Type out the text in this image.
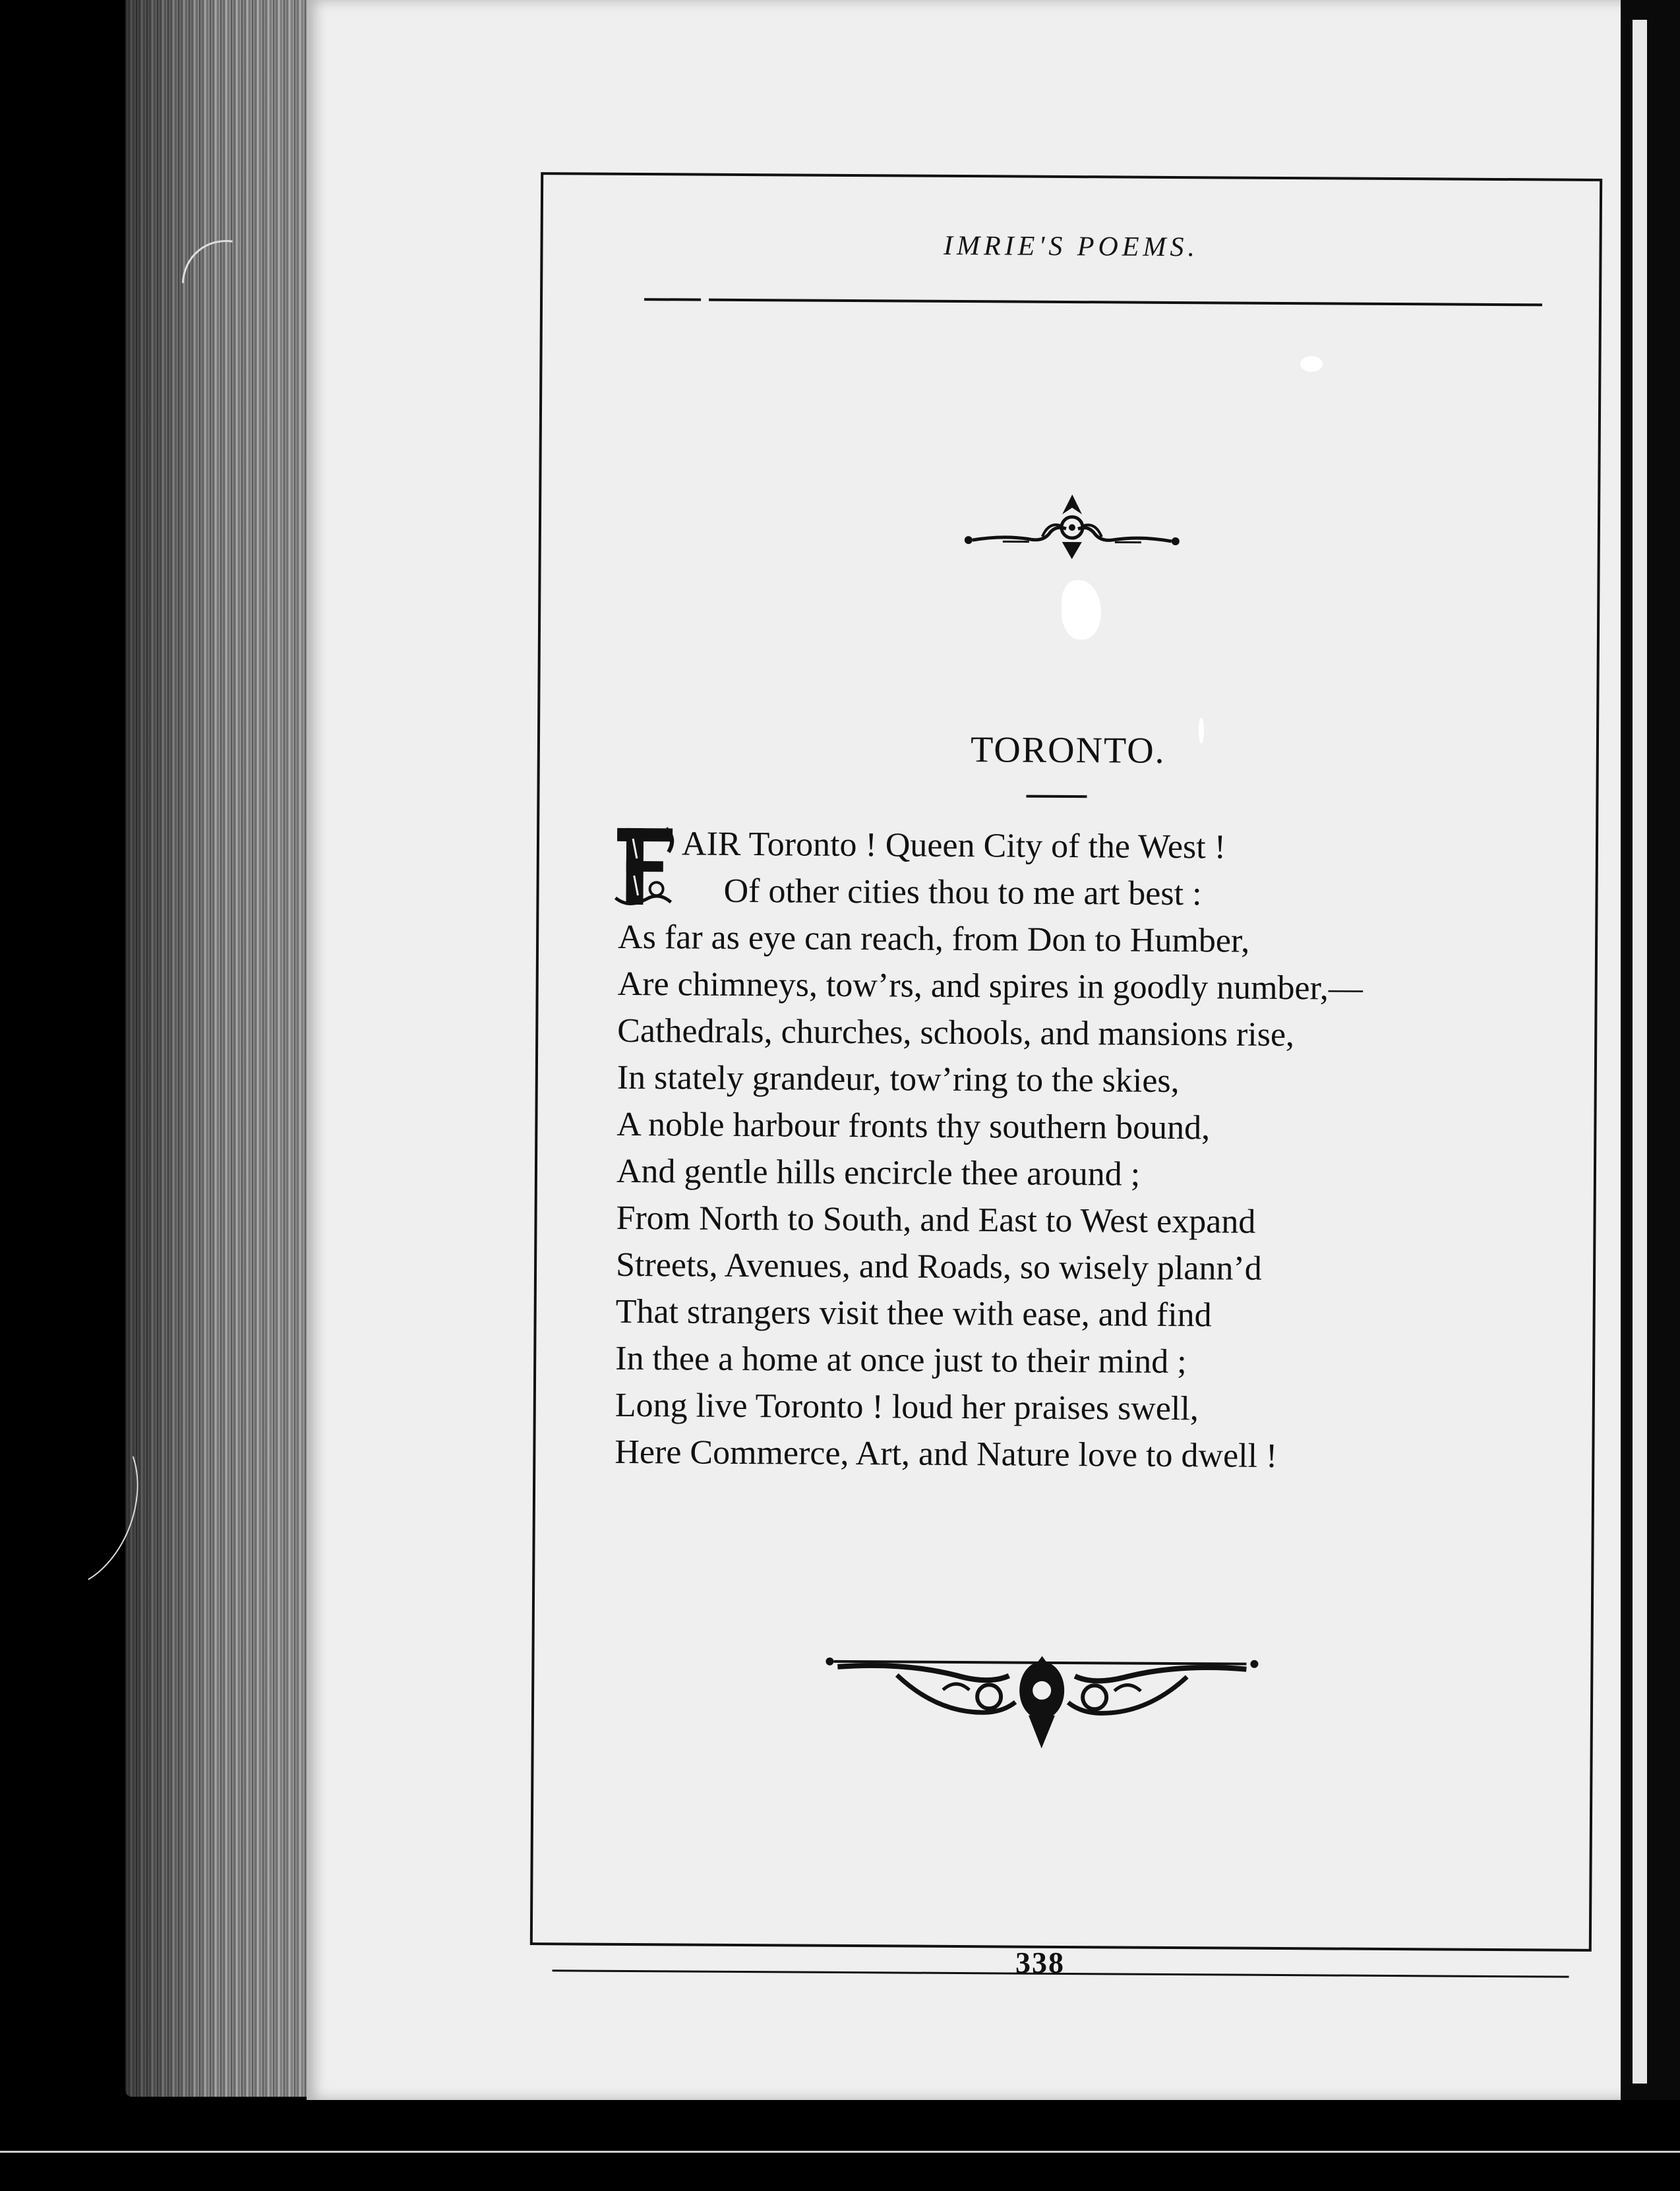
IMRIE'S POEMS.
TORONTO.
AIR Toronto ! Queen City of the West !
Of other cities thou to me art best :
As far as eye can reach, from Don to Humber,
Are chimneys, tow’rs, and spires in goodly number,—
Cathedrals, churches, schools, and mansions rise,
In stately grandeur, tow’ring to the skies,
A noble harbour fronts thy southern bound,
And gentle hills encircle thee around ;
From North to South, and East to West expand
Streets, Avenues, and Roads, so wisely plann’d
That strangers visit thee with ease, and find
In thee a home at once just to their mind ;
Long live Toronto ! loud her praises swell,
Here Commerce, Art, and Nature love to dwell !
338
